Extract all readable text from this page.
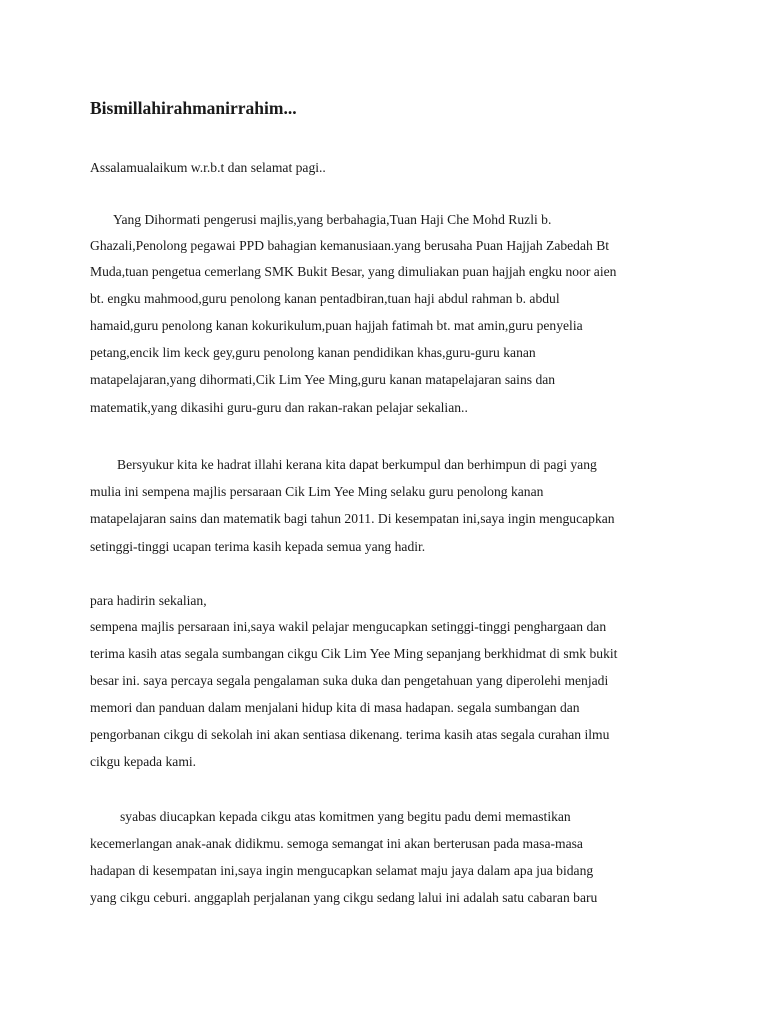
Bismillahirahmanirrahim...
Assalamualaikum w.r.b.t dan selamat pagi..
Yang Dihormati pengerusi majlis,yang berbahagia,Tuan Haji Che Mohd Ruzli b.
Ghazali,Penolong pegawai PPD bahagian kemanusiaan.yang berusaha Puan Hajjah Zabedah Bt
Muda,tuan pengetua cemerlang SMK Bukit Besar, yang dimuliakan puan hajjah engku noor aien
bt. engku mahmood,guru penolong kanan pentadbiran,tuan haji abdul rahman b. abdul
hamaid,guru penolong kanan kokurikulum,puan hajjah fatimah bt. mat amin,guru penyelia
petang,encik lim keck gey,guru penolong kanan pendidikan khas,guru-guru kanan
matapelajaran,yang dihormati,Cik Lim Yee Ming,guru kanan matapelajaran sains dan
matematik,yang dikasihi guru-guru dan rakan-rakan pelajar sekalian..
Bersyukur kita ke hadrat illahi kerana kita dapat berkumpul dan berhimpun di pagi yang
mulia ini sempena majlis persaraan Cik Lim Yee Ming selaku guru penolong kanan
matapelajaran sains dan matematik bagi tahun 2011. Di kesempatan ini,saya ingin mengucapkan
setinggi-tinggi ucapan terima kasih kepada semua yang hadir.
para hadirin sekalian,
sempena majlis persaraan ini,saya wakil pelajar mengucapkan setinggi-tinggi penghargaan dan
terima kasih atas segala sumbangan cikgu Cik Lim Yee Ming sepanjang berkhidmat di smk bukit
besar ini. saya percaya segala pengalaman suka duka dan pengetahuan yang diperolehi menjadi
memori dan panduan dalam menjalani hidup kita di masa hadapan. segala sumbangan dan
pengorbanan cikgu di sekolah ini akan sentiasa dikenang. terima kasih atas segala curahan ilmu
cikgu kepada kami.
syabas diucapkan kepada cikgu atas komitmen yang begitu padu demi memastikan
kecemerlangan anak-anak didikmu. semoga semangat ini akan berterusan pada masa-masa
hadapan di kesempatan ini,saya ingin mengucapkan selamat maju jaya dalam apa jua bidang
yang cikgu ceburi. anggaplah perjalanan yang cikgu sedang lalui ini adalah satu cabaran baru
